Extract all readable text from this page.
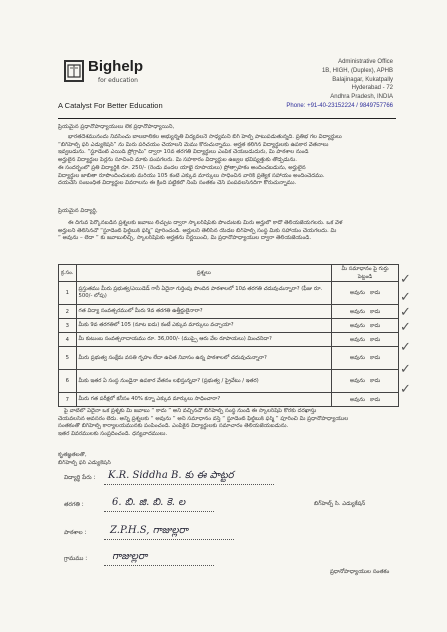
Bighelp
for education
A Catalyst For Better Education
Administrative Office
1B, HIGH, (Duplex), APHB
Balajinagar, Kukatpally
Hyderabad - 72
Andhra Pradesh, INDIA
Phone: +91-40-23152224 / 9849757766
ప్రియమైన ప్రధానోపాధ్యాయులు లేక ప్రధానోపాధ్యాయిని,
భారతదేశమునందు నివసించు బాలబాలికల అభ్యున్నతి విద్యవలనే సాధ్యమని బిగ్ హెల్ప్ పాటుపడుతున్నది. ప్రతిభ గల విద్యార్థులు
“బిగ్‌హెల్ప్ ఫర్ ఎడ్యుకేషన్” ను మీరు పరిచయం చేయాలని మేము కోరుచున్నాము. అర్హత కలిగిన విద్యార్థులకు ఉపకార వేతనాలు
ఇవ్వబడును. “స్టూడెంట్ ఎయిడ్ ప్రోగ్రామ్” ద్వారా 10వ తరగతి విద్యార్థులు ఎంపిక చేయబడుదురు, మీ పాఠశాల నుండి
అర్హులైన విద్యార్థుల పేర్లను సూచించి మాకు పంపగలరు. మీ సహకారం విద్యార్థుల ఉజ్వల భవిష్యత్తుకు తోడ్పడును.
ఈ సందర్భంలో ప్రతి విద్యార్థికి రూ. 250/- (రెండు వందల యాభై రూపాయలు) ప్రోత్సాహకం అందించబడును, అర్హులైన
విద్యార్థుల జాబితా రూపొందించుటకు మరియు 105 కంటే ఎక్కువ మార్కులు సాధించిన వారికి ప్రత్యేక సహాయం అందించెదము.
దయచేసి సంబంధిత విద్యార్థుల వివరాలను ఈ క్రింది పట్టికలో నింపి సంతకం చేసి పంపవలసినదిగా కోరుచున్నాము.
ప్రియమైన విద్యార్థి,
ఈ దిగువ పేర్కొనబడిన ప్రశ్నలకు జవాబు లిచ్చుట ద్వారా స్కాలర్‌షిప్‌కు పొందుటకు మీరు అర్హులో కాదో తెలియజేయగలరు. ఒక వేళ
అర్హులని తెలిసినచో “స్టూడెంట్ ఫీల్డ్‌బుక్ ఫర్మ్” పూరించండి. అర్హులని తెలిసిన యెడల బిగ్‌హెల్ప్ సంస్థ మీకు సహాయం చేయగలదు. మీ
“ అవును – లేదా ” కు జవాబులిచ్చి, స్కాలర్‌షిప్‌కు అర్హతను నిర్ణయించి, మీ ప్రధానోపాధ్యాయుల ద్వారా తెలియజేయండి.
క్ర.సం.	ప్రశ్నలు	మీ సమాధానం పై గుర్తు పెట్టండి
1	ప్రస్తుతము మీరు ప్రభుత్వ/ఎయిడెడ్ గానీ ఏదైనా గుర్తింపు పొందిన పాఠశాలలో 10వ తరగతి చదువుచున్నారా? (ఫీజు రూ. 500/- లోపు)	అవును కాదు
2	గత విద్యా సంవత్సరములో మీరు 9వ తరగతి ఉత్తీర్ణులైనారా?	అవును కాదు
3	మీకు 9వ తరగతిలో 105 (నూట ఐదు) కంటే ఎక్కువ మార్కులు వచ్చాయా?	అవును కాదు
4	మీ కుటుంబ సంవత్సరాదాయము రూ. 36,000/- (ముప్పై ఆరు వేల రూపాయలు) మించనిదా?	అవును కాదు
5	మీరు ప్రభుత్వ సంక్షేమ వసతి గృహం లేదా ఉచిత నివాసం ఉన్న పాఠశాలలో చదువుచున్నారా?	అవును కాదు
6	మీకు ఇతర ఏ సంస్థ నుండైనా ఉపకార వేతనం లభిస్తున్నదా? (ప్రభుత్వ / ప్రైవేటు / ఇతర)	అవును కాదు
7	మీరు గత పరీక్షలో కనీసం 40% కన్నా ఎక్కువ మార్కులు సాధించారా?	అవును కాదు
✓
✓
✓
✓
✓
✓
✓
పై వాటిలో ఏదైనా ఒక ప్రశ్నకు మీ జవాబు “ కాదు ” అని వచ్చినచో బిగ్‌హెల్ప్ సంస్థ నుండి ఈ స్కాలర్‌షిప్ కొరకు దరఖాస్తు
చేయవలసిన అవసరం లేదు. అన్ని ప్రశ్నలకు “ అవును ” అని సమాధానం వస్తే “ స్టూడెంట్ ఫీల్డ్‌బుక్ ఫర్మ్ ” పూరించి మీ ప్రధానోపాధ్యాయుల
సంతకంతో బిగ్‌హెల్ప్ కార్యాలయమునకు పంపించండి. ఎంపికైన విద్యార్థులకు సమాచారం తెలియజేయబడును.
ఇతర వివరములకు సంప్రదించండి. ధన్యవాదములు.
కృతజ్ఞతలతో,
బిగ్‌హెల్ప్ ఫర్ ఎడ్యుకేషన్
విద్యార్థి పేరు : K.R. Siddha B. కు ఈ పాట్టర
తరగతి :	6. బి. జి. బి. కె. ల
పాఠశాల : Z.P.H.S, గాజుల్లరా
గ్రామము : గాజుల్లరా
బిగ్‌హెల్ప్ సి. ఎడ్యుకేషన్
ప్రధానోపాధ్యాయుల సంతకం
